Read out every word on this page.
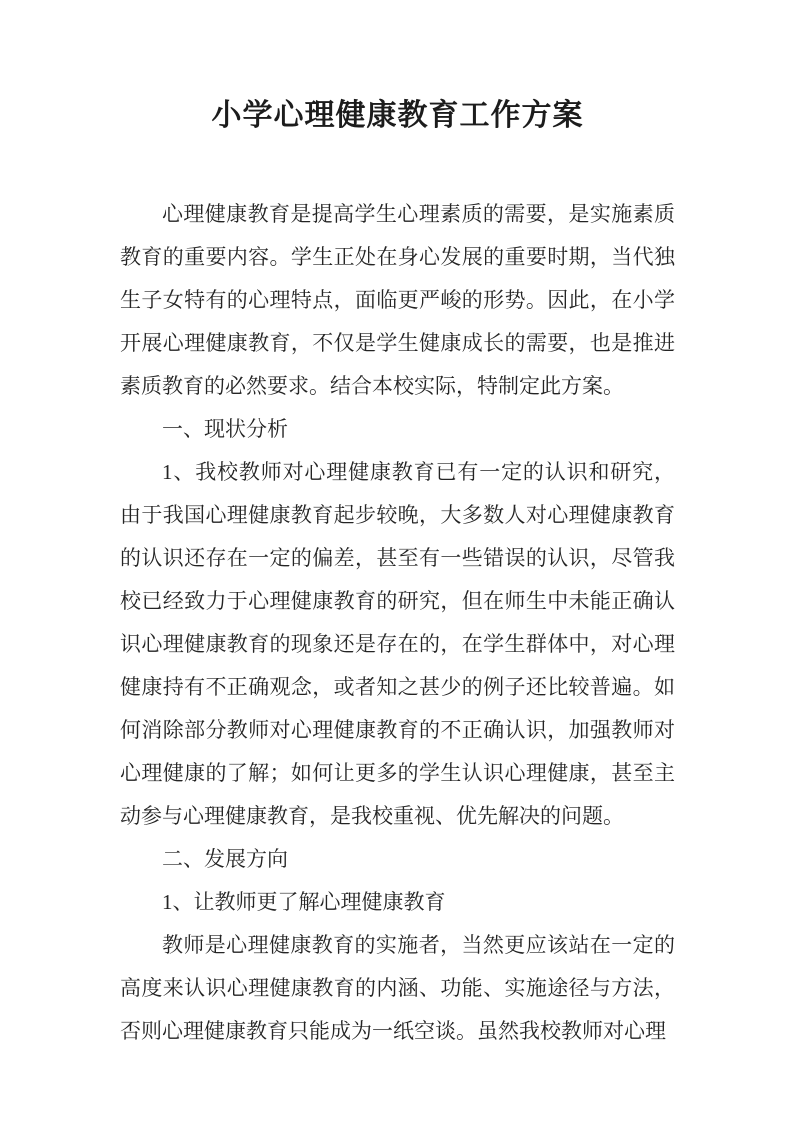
小学心理健康教育工作方案

心理健康教育是提高学生心理素质的需要，是实施素质教育的重要内容。学生正处在身心发展的重要时期，当代独生子女特有的心理特点，面临更严峻的形势。因此，在小学开展心理健康教育，不仅是学生健康成长的需要，也是推进素质教育的必然要求。结合本校实际，特制定此方案。

一、现状分析

1、我校教师对心理健康教育已有一定的认识和研究，由于我国心理健康教育起步较晚，大多数人对心理健康教育的认识还存在一定的偏差，甚至有一些错误的认识，尽管我校已经致力于心理健康教育的研究，但在师生中未能正确认识心理健康教育的现象还是存在的，在学生群体中，对心理健康持有不正确观念，或者知之甚少的例子还比较普遍。如何消除部分教师对心理健康教育的不正确认识，加强教师对心理健康的了解；如何让更多的学生认识心理健康，甚至主动参与心理健康教育，是我校重视、优先解决的问题。

二、发展方向

1、让教师更了解心理健康教育

教师是心理健康教育的实施者，当然更应该站在一定的高度来认识心理健康教育的内涵、功能、实施途径与方法，否则心理健康教育只能成为一纸空谈。虽然我校教师对心理
